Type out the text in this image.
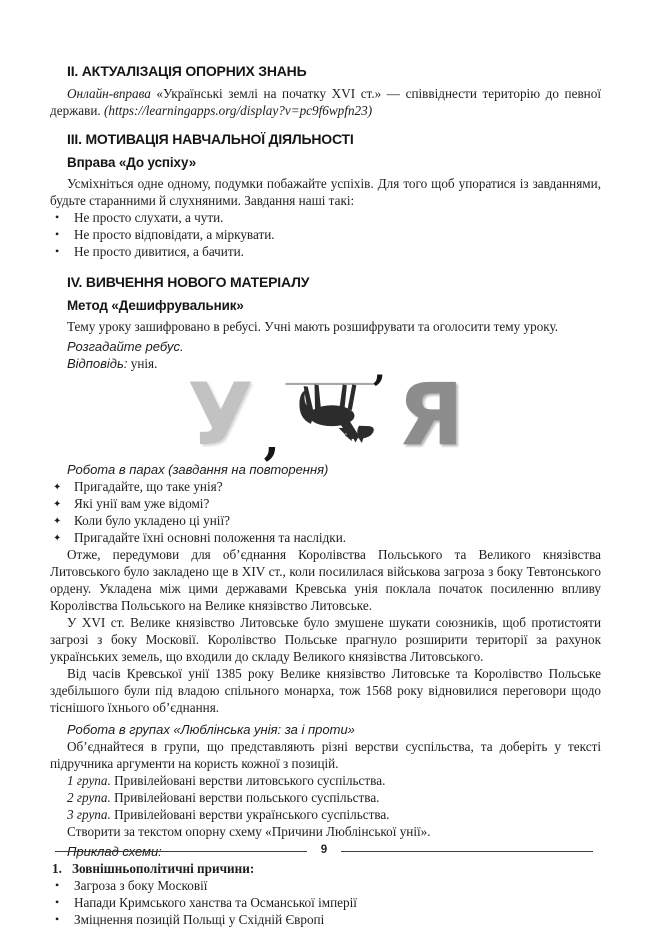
II. АКТУАЛІЗАЦІЯ ОПОРНИХ ЗНАНЬ

Онлайн-вправа «Українські землі на початку XVI ст.» — співвіднести територію до певної держави. (https://learningapps.org/display?v=pc9f6wpfn23)

III. МОТИВАЦІЯ НАВЧАЛЬНОЇ ДІЯЛЬНОСТІ
Вправа «До успіху»

Усміхніться одне одному, подумки побажайте успіхів. Для того щоб упоратися із завданнями, будьте старанними й слухняними. Завдання наші такі:

• Не просто слухати, а чути.
• Не просто відповідати, а міркувати.
• Не просто дивитися, а бачити.
IV. ВИВЧЕННЯ НОВОГО МАТЕРІАЛУ
Метод «Дешифрувальник»

Тему уроку зашифровано в ребусі. Учні мають розшифрувати та оголосити тему уроку.

Розгадайте ребус.

Відповідь: унія.

У ,
’ Я
Робота в парах (завдання на повторення)
✦ Пригадайте, що таке унія?
✦ Які унії вам уже відомі?
✦ Коли було укладено ці унії?
✦ Пригадайте їхні основні положення та наслідки.

Отже, передумови для об’єднання Королівства Польського та Великого князівства Литовського було закладено ще в XIV ст., коли посилилася військова загроза з боку Тевтонського ордену. Укладена між цими державами Кревська унія поклала початок посиленню впливу Королівства Польського на Велике князівство Литовське.

У XVI ст. Велике князівство Литовське було змушене шукати союзників, щоб протистояти загрозі з боку Московії. Королівство Польське прагнуло розширити території за рахунок українських земель, що входили до складу Великого князівства Литовського.

Від часів Кревської унії 1385 року Велике князівство Литовське та Королівство Польське здебільшого були під владою спільного монарха, тож 1568 року відновилися переговори щодо тіснішого їхнього об’єднання.

Робота в групах «Люблінська унія: за і проти»

Об’єднайтеся в групи, що представляють різні верстви суспільства, та доберіть у тексті підручника аргументи на користь кожної з позицій.

1 група. Привілейовані верстви литовського суспільства.

2 група. Привілейовані верстви польського суспільства.

3 група. Привілейовані верстви українського суспільства.

Створити за текстом опорну схему «Причини Люблінської унії».

Приклад схеми:
1. Зовнішньополітичні причини:
• Загроза з боку Московії
• Напади Кримського ханства та Османської імперії
• Зміцнення позицій Польщі у Східній Європі
9
